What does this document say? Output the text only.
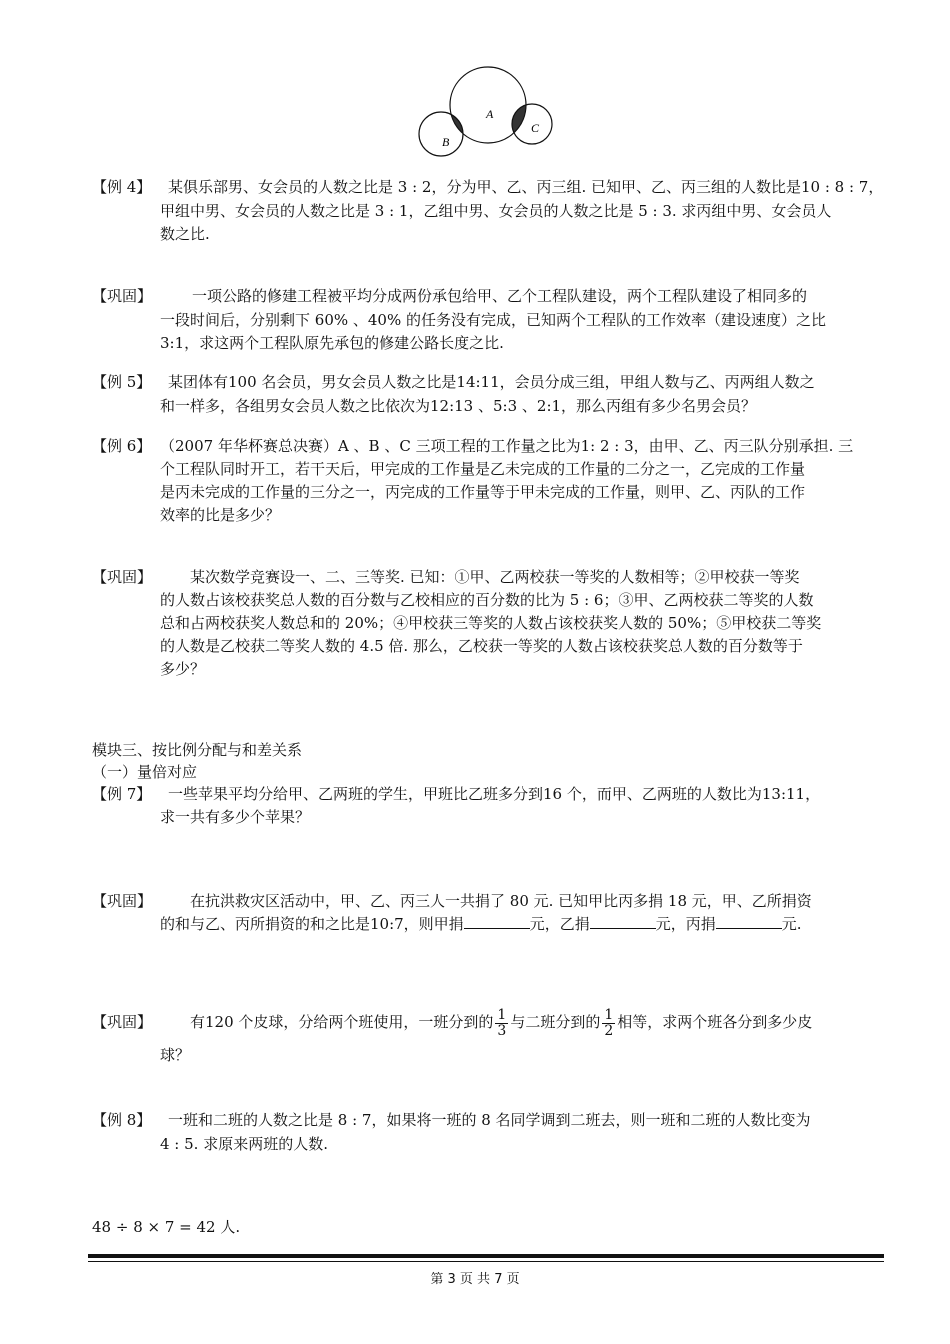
A
B
C
【例 4】 某俱乐部男、女会员的人数之比是 3 : 2，分为甲、乙、丙三组. 已知甲、乙、丙三组的人数比是10 : 8 : 7，
甲组中男、女会员的人数之比是 3 : 1，乙组中男、女会员的人数之比是 5 : 3. 求丙组中男、女会员人
数之比.
【巩固】	一项公路的修建工程被平均分成两份承包给甲、乙个工程队建设，两个工程队建设了相同多的
一段时间后，分别剩下 60% 、40% 的任务没有完成，已知两个工程队的工作效率（建设速度）之比
3:1，求这两个工程队原先承包的修建公路长度之比.
【例 5】 某团体有100 名会员，男女会员人数之比是14:11，会员分成三组，甲组人数与乙、丙两组人数之
和一样多，各组男女会员人数之比依次为12:13 、5:3 、2:1，那么丙组有多少名男会员？
【例 6】 （2007 年华杯赛总决赛）A 、B 、C 三项工程的工作量之比为1: 2 : 3，由甲、乙、丙三队分别承担. 三
个工程队同时开工，若干天后，甲完成的工作量是乙未完成的工作量的二分之一，乙完成的工作量
是丙未完成的工作量的三分之一，丙完成的工作量等于甲未完成的工作量，则甲、乙、丙队的工作
效率的比是多少？
【巩固】	某次数学竞赛设一、二、三等奖. 已知：①甲、乙两校获一等奖的人数相等；②甲校获一等奖
的人数占该校获奖总人数的百分数与乙校相应的百分数的比为 5 : 6；③甲、乙两校获二等奖的人数
总和占两校获奖人数总和的 20%；④甲校获三等奖的人数占该校获奖人数的 50%；⑤甲校获二等奖
的人数是乙校获二等奖人数的 4.5 倍. 那么，乙校获一等奖的人数占该校获奖总人数的百分数等于
多少？
模块三、按比例分配与和差关系
（一）量倍对应
【例 7】 一些苹果平均分给甲、乙两班的学生，甲班比乙班多分到16 个，而甲、乙两班的人数比为13:11，
求一共有多少个苹果？
【巩固】	在抗洪救灾区活动中，甲、乙、丙三人一共捐了 80 元. 已知甲比丙多捐 18 元，甲、乙所捐资
的和与乙、丙所捐资的和之比是10:7，则甲捐	元，乙捐	元，丙捐	元.
【巩固】	有120 个皮球，分给两个班使用，一班分到的 $\frac{1}{3}$ 与二班分到的 $\frac{1}{2}$ 相等，求两个班各分到多少皮
球？
【例 8】 一班和二班的人数之比是 8 : 7，如果将一班的 8 名同学调到二班去，则一班和二班的人数比变为
4 : 5. 求原来两班的人数.
48 ÷ 8 × 7 = 42 人.
第 3 页 共 7 页
